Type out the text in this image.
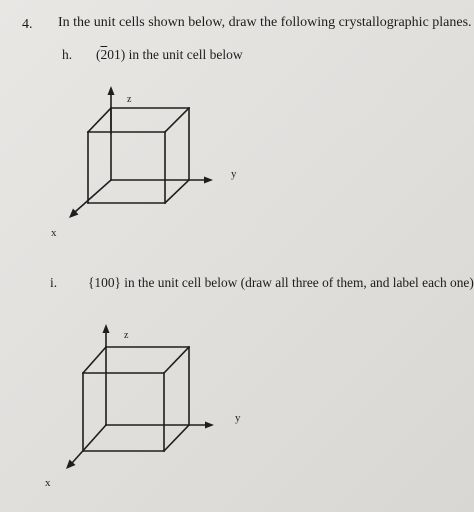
4. In the unit cells shown below, draw the following crystallographic planes.
h. (201) in the unit cell below
z
y
x
i. {100} in the unit cell below (draw all three of them, and label each one)
z
y
x
